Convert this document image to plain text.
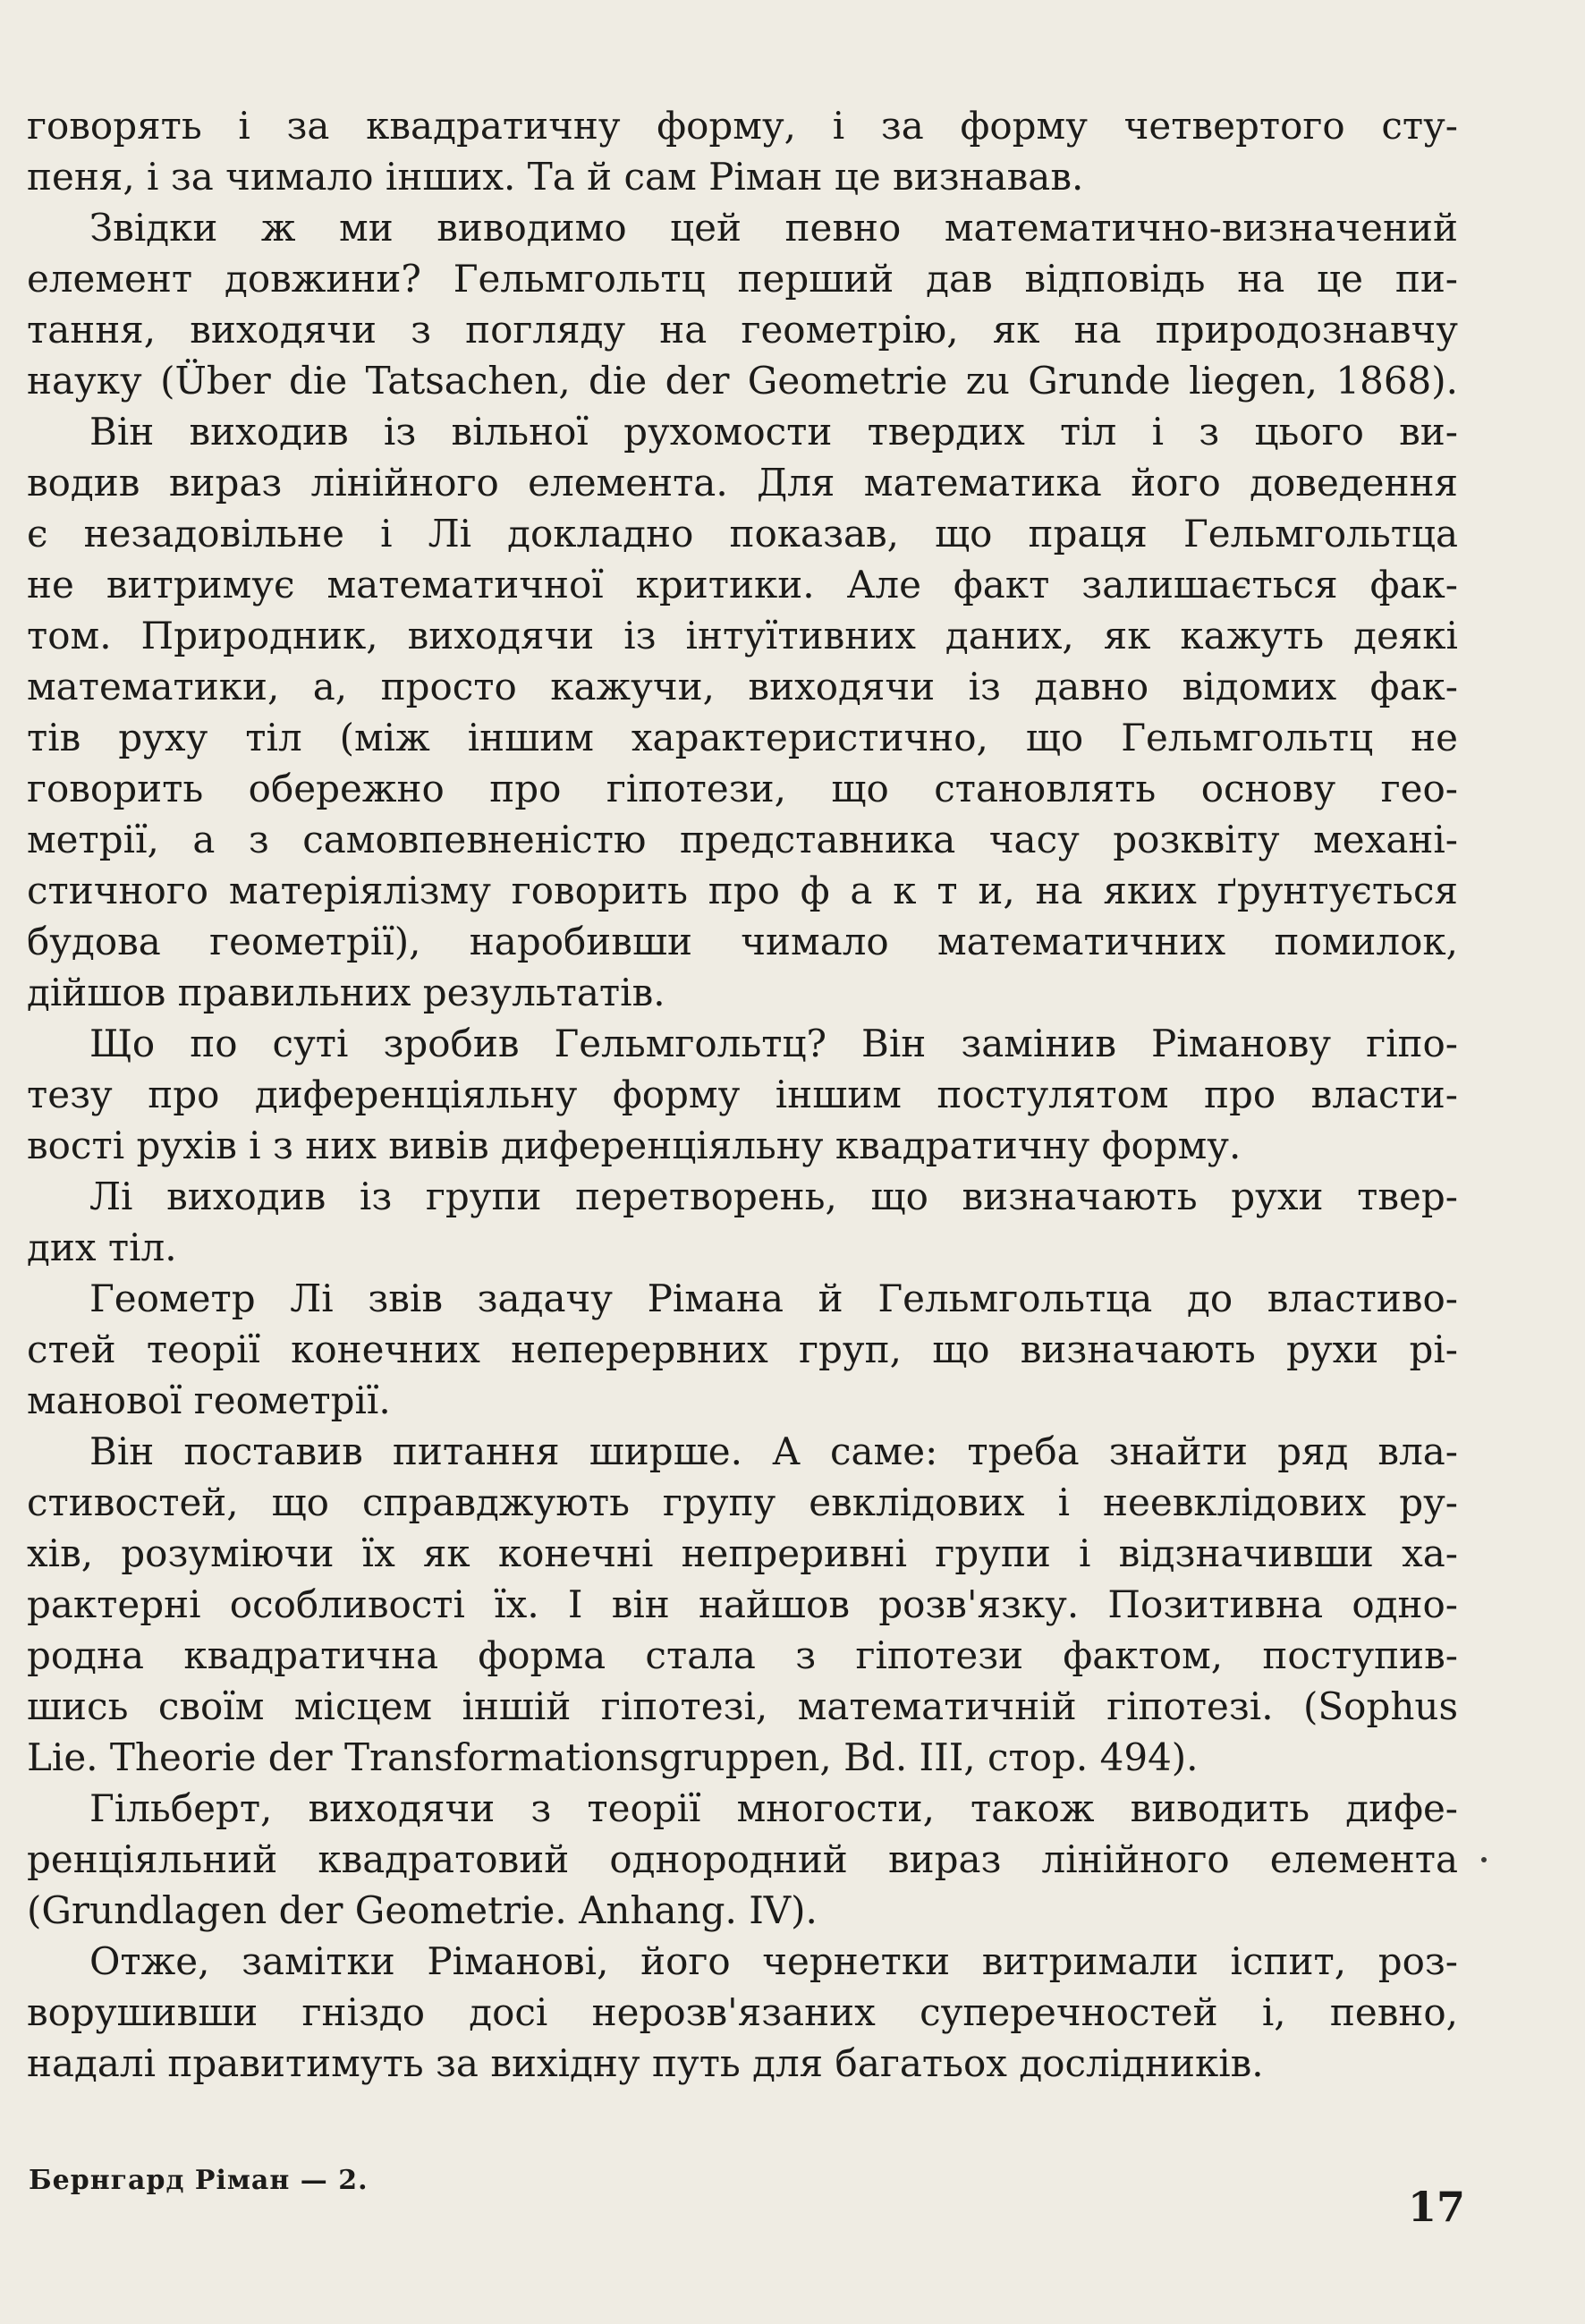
говорять і за квадратичну форму, і за форму четвертого сту-
пеня, і за чимало інших. Та й сам Ріман це визнавав.
Звідки ж ми виводимо цей певно математично-визначений
елемент довжини? Гельмгольтц перший дав відповідь на це пи-
тання, виходячи з погляду на геометрію, як на природознавчу
науку (Über die Tatsachen, die der Geometrie zu Grunde liegen, 1868).
Він виходив із вільної рухомости твердих тіл і з цього ви-
водив вираз лінійного елемента. Для математика його доведення
є незадовільне і Лі докладно показав, що праця Гельмгольтца
не витримує математичної критики. Але факт залишається фак-
том. Природник, виходячи із інтуїтивних даних, як кажуть деякі
математики, а, просто кажучи, виходячи із давно відомих фак-
тів руху тіл (між іншим характеристично, що Гельмгольтц не
говорить обережно про гіпотези, що становлять основу гео-
метрії, а з самовпевненістю представника часу розквіту механі-
стичного матеріялізму говорить про ф а к т и, на яких ґрунтується
будова геометрії), наробивши чимало математичних помилок,
дійшов правильних результатів.
Що по суті зробив Гельмгольтц? Він замінив Ріманову гіпо-
тезу про диференціяльну форму іншим постулятом про власти-
вості рухів і з них вивів диференціяльну квадратичну форму.
Лі виходив із групи перетворень, що визначають рухи твер-
дих тіл.
Геометр Лі звів задачу Рімана й Гельмгольтца до властиво-
стей теорії конечних неперервних груп, що визначають рухи рі-
манової геометрії.
Він поставив питання ширше. А саме: треба знайти ряд вла-
стивостей, що справджують групу евклідових і неевклідових ру-
хів, розуміючи їх як конечні непреривні групи і відзначивши ха-
рактерні особливості їх. І він найшов розв'язку. Позитивна одно-
родна квадратична форма стала з гіпотези фактом, поступив-
шись своїм місцем іншій гіпотезі, математичній гіпотезі. (Sophus
Lie. Theorie der Transformationsgruppen, Bd. III, стор. 494).
Гільберт, виходячи з теорії многости, також виводить дифе-
ренціяльний квадратовий однородний вираз лінійного елемента
(Grundlagen der Geometrie. Anhang. IV).
Отже, замітки Ріманові, його чернетки витримали іспит, роз-
ворушивши гніздо досі нерозв'язаних суперечностей і, певно,
надалі правитимуть за вихідну путь для багатьох дослідників.
Бернгард Ріман — 2.
17
